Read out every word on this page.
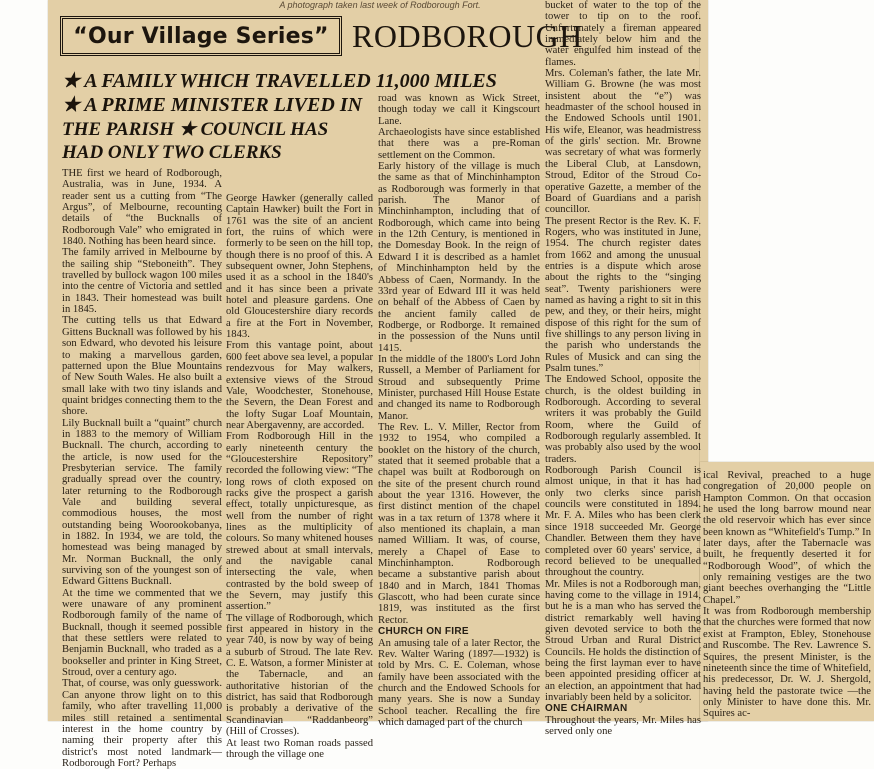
A photograph taken last week of Rodborough Fort.
“Our Village Series” RODBOROUGH
★ A FAMILY WHICH TRAVELLED 11,000 MILES
★ A PRIME MINISTER LIVED IN
THE PARISH ★ COUNCIL HAS
HAD ONLY TWO CLERKS
THE first we heard of Rodborough, Australia, was in June, 1934. A reader sent us a cutting from “The Argus”, of Melbourne, recounting details of “the Bucknalls of Rodborough Vale” who emigrated in 1840. Nothing has been heard since.
The family arrived in Melbourne by the sailing ship “Steboneith”. They travelled by bullock wagon 100 miles into the centre of Victoria and settled in 1843. Their homestead was built in 1845.
The cutting tells us that Edward Gittens Bucknall was followed by his son Edward, who devoted his leisure to making a marvellous garden, patterned upon the Blue Mountains of New South Wales. He also built a small lake with two tiny islands and quaint bridges connecting them to the shore.
Lily Bucknall built a “quaint” church in 1883 to the memory of William Bucknall. The church, according to the article, is now used for the Presbyterian service. The family gradually spread over the country, later returning to the Rodborough Vale and building several commodious houses, the most outstanding being Woorookobanya, in 1882. In 1934, we are told, the homestead was being managed by Mr. Norman Bucknall, the only surviving son of the youngest son of Edward Gittens Bucknall.
At the time we commented that we were unaware of any prominent Rodborough family of the name of Bucknall, though it seemed possible that these settlers were related to Benjamin Bucknall, who traded as a bookseller and printer in King Street, Stroud, over a century ago.
That, of course, was only guesswork. Can anyone throw light on to this family, who after travelling 11,000 miles still retained a sentimental interest in the home country by naming their property after this district's most noted landmark—Rodborough Fort? Perhaps
George Hawker (generally called Captain Hawker) built the Fort in 1761 was the site of an ancient fort, the ruins of which were formerly to be seen on the hill top, though there is no proof of this. A subsequent owner, John Stephens, used it as a school in the 1840's and it has since been a private hotel and pleasure gardens. One old Gloucestershire diary records a fire at the Fort in November, 1843.
From this vantage point, about 600 feet above sea level, a popular rendezvous for May walkers, extensive views of the Stroud Vale, Woodchester, Stonehouse, the Severn, the Dean Forest and the lofty Sugar Loaf Mountain, near Abergavenny, are accorded.
From Rodborough Hill in the early nineteenth century the “Gloucestershire Repository” recorded the following view: “The long rows of cloth exposed on racks give the prospect a garish effect, totally unpicturesque, as well from the number of right lines as the multiplicity of colours. So many whitened houses strewed about at small intervals, and the navigable canal intersecting the vale, when contrasted by the bold sweep of the Severn, may justify this assertion.”
The village of Rodborough, which first appeared in history in the year 740, is now by way of being a suburb of Stroud. The late Rev. C. E. Watson, a former Minister at the Tabernacle, and an authoritative historian of the district, has said that Rodborough is probably a derivative of the Scandinavian “Raddanbeorg” (Hill of Crosses).
At least two Roman roads passed through the village one
road was known as Wick Street, though today we call it Kingscourt Lane.
Archaeologists have since established that there was a pre-Roman settlement on the Common.
Early history of the village is much the same as that of Minchinhampton as Rodborough was formerly in that parish. The Manor of Minchinhampton, including that of Rodborough, which came into being in the 12th Century, is mentioned in the Domesday Book. In the reign of Edward I it is described as a hamlet of Minchinhampton held by the Abbess of Caen, Normandy. In the 33rd year of Edward III it was held on behalf of the Abbess of Caen by the ancient family called de Rodberge, or Rodborge. It remained in the possession of the Nuns until 1415.
In the middle of the 1800's Lord John Russell, a Member of Parliament for Stroud and subsequently Prime Minister, purchased Hill House Estate and changed its name to Rodborough Manor.
The Rev. L. V. Miller, Rector from 1932 to 1954, who compiled a booklet on the history of the church, stated that it seemed probable that a chapel was built at Rodborough on the site of the present church round about the year 1316. However, the first distinct mention of the chapel was in a tax return of 1378 where it also mentioned its chaplain, a man named William. It was, of course, merely a Chapel of Ease to Minchinhampton. Rodborough became a substantive parish about 1840 and in March, 1841 Thomas Glascott, who had been curate since 1819, was instituted as the first Rector.
CHURCH ON FIRE
An amusing tale of a later Rector, the Rev. Walter Waring (1897—1932) is told by Mrs. C. E. Coleman, whose family have been associated with the church and the Endowed Schools for many years. She is now a Sunday School teacher. Recalling the fire which damaged part of the church
bucket of water to the top of the tower to tip on to the roof. Unfortunately a fireman appeared immediately below him and the water engulfed him instead of the flames.
Mrs. Coleman's father, the late Mr. William G. Browne (he was most insistent about the “e”) was headmaster of the school housed in the Endowed Schools until 1901. His wife, Eleanor, was headmistress of the girls' section. Mr. Browne was secretary of what was formerly the Liberal Club, at Lansdown, Stroud, Editor of the Stroud Co-operative Gazette, a member of the Board of Guardians and a parish councillor.
The present Rector is the Rev. K. F. Rogers, who was instituted in June, 1954. The church register dates from 1662 and among the unusual entries is a dispute which arose about the rights to the “singing seat”. Twenty parishioners were named as having a right to sit in this pew, and they, or their heirs, might dispose of this right for the sum of five shillings to any person living in the parish who understands the Rules of Musick and can sing the Psalm tunes.”
The Endowed School, opposite the church, is the oldest building in Rodborough. According to several writers it was probably the Guild Room, where the Guild of Rodborough regularly assembled. It was probably also used by the wool traders.
Rodborough Parish Council is almost unique, in that it has had only two clerks since parish councils were constituted in 1894. Mr. F. A. Miles who has been clerk since 1918 succeeded Mr. George Chandler. Between them they have completed over 60 years' service, a record believed to be unequalled throughout the country.
Mr. Miles is not a Rodborough man, having come to the village in 1914, but he is a man who has served the district remarkably well having given devoted service to both the Stroud Urban and Rural District Councils. He holds the distinction of being the first layman ever to have been appointed presiding officer at an election, an appointment that had invariably been held by a solicitor.
ONE CHAIRMAN
Throughout the years, Mr. Miles has served only one
ical Revival, preached to a huge congregation of 20,000 people on Hampton Common. On that occasion he used the long barrow mound near the old reservoir which has ever since been known as “Whitefield's Tump.” In later days, after the Tabernacle was built, he frequently deserted it for “Rodborough Wood”, of which the only remaining vestiges are the two giant beeches overhanging the “Little Chapel.”
It was from Rodborough membership that the churches were formed that now exist at Frampton, Ebley, Stonehouse and Ruscombe. The Rev. Lawrence S. Squires, the present Minister, is the nineteenth since the time of Whitefield, his predecessor, Dr. W. J. Shergold, having held the pastorate twice —the only Minister to have done this. Mr. Squires ac-
